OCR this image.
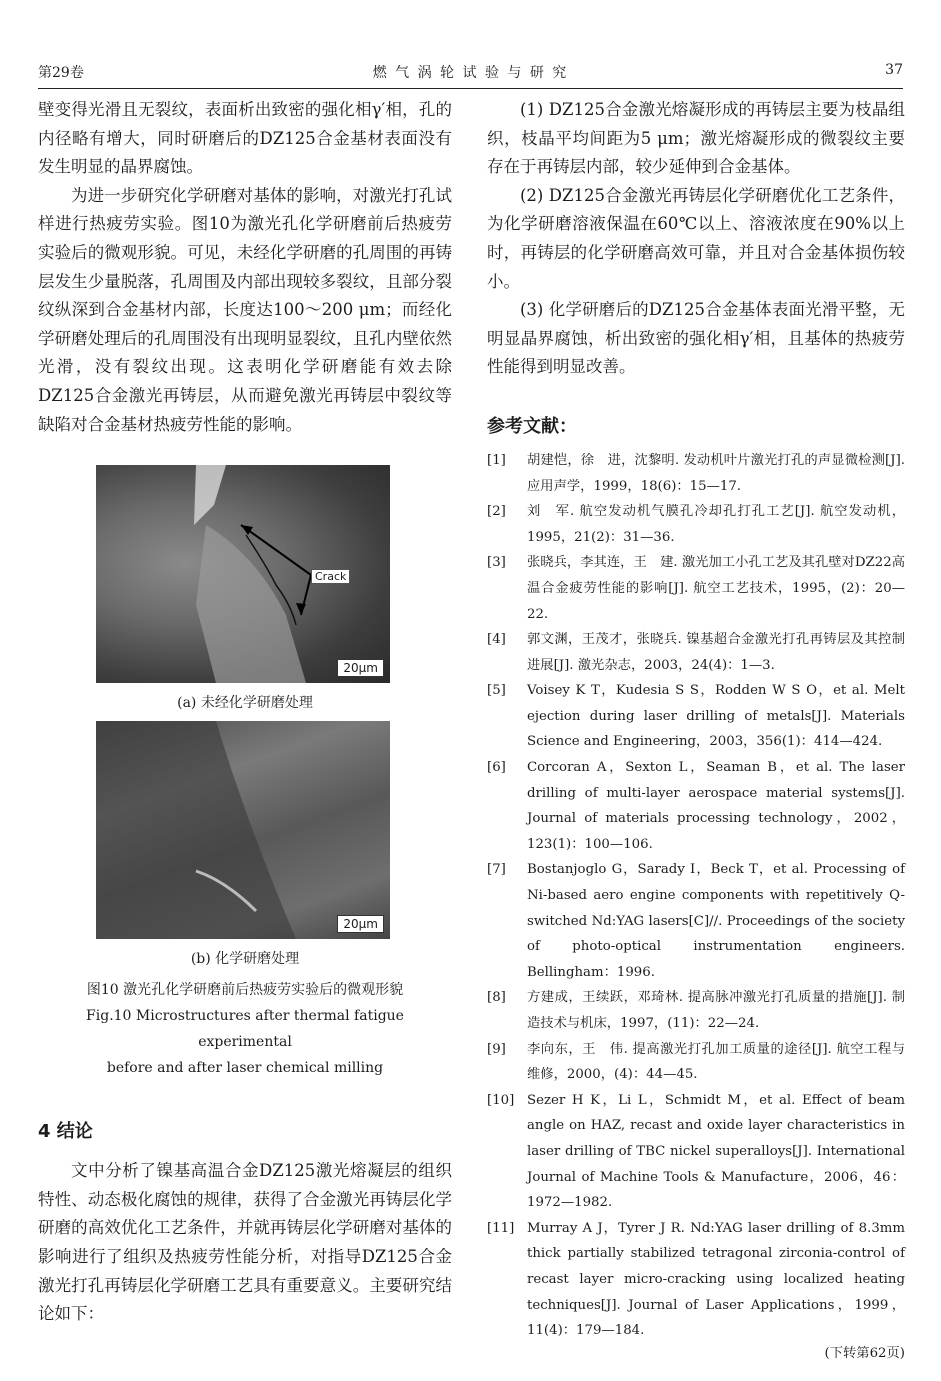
第29卷	燃 气 涡 轮 试 验 与 研 究	37

壁变得光滑且无裂纹，表面析出致密的强化相γ′相，孔的内径略有增大，同时研磨后的DZ125合金基材表面没有发生明显的晶界腐蚀。

为进一步研究化学研磨对基体的影响，对激光打孔试样进行热疲劳实验。图10为激光孔化学研磨前后热疲劳实验后的微观形貌。可见，未经化学研磨的孔周围的再铸层发生少量脱落，孔周围及内部出现较多裂纹，且部分裂纹纵深到合金基材内部，长度达100～200 μm；而经化学研磨处理后的孔周围没有出现明显裂纹，且孔内壁依然光滑，没有裂纹出现。这表明化学研磨能有效去除DZ125合金激光再铸层，从而避免激光再铸层中裂纹等缺陷对合金基材热疲劳性能的影响。

Crack
20μm

(a) 未经化学研磨处理

20μm

(b) 化学研磨处理

图10 激光孔化学研磨前后热疲劳实验后的微观形貌

Fig.10 Microstructures after thermal fatigue experimental

before and after laser chemical milling

4 结论

文中分析了镍基高温合金DZ125激光熔凝层的组织特性、动态极化腐蚀的规律，获得了合金激光再铸层化学研磨的高效优化工艺条件，并就再铸层化学研磨对基体的影响进行了组织及热疲劳性能分析，对指导DZ125合金激光打孔再铸层化学研磨工艺具有重要意义。主要研究结论如下：

(1) DZ125合金激光熔凝形成的再铸层主要为枝晶组织，枝晶平均间距为5 μm；激光熔凝形成的微裂纹主要存在于再铸层内部，较少延伸到合金基体。

(2) DZ125合金激光再铸层化学研磨优化工艺条件，为化学研磨溶液保温在60℃以上、溶液浓度在90%以上时，再铸层的化学研磨高效可靠，并且对合金基体损伤较小。

(3) 化学研磨后的DZ125合金基体表面光滑平整，无明显晶界腐蚀，析出致密的强化相γ′相，且基体的热疲劳性能得到明显改善。

参考文献：

[1] 胡建恺，徐　进，沈黎明. 发动机叶片激光打孔的声显微检测[J]. 应用声学，1999，18(6)：15—17.
[2] 刘　军. 航空发动机气膜孔冷却孔打孔工艺[J]. 航空发动机，1995，21(2)：31—36.
[3] 张晓兵，李其连，王　建. 激光加工小孔工艺及其孔壁对DZ22高温合金疲劳性能的影响[J]. 航空工艺技术，1995，(2)：20—22.
[4] 郭文渊，王茂才，张晓兵. 镍基超合金激光打孔再铸层及其控制进展[J]. 激光杂志，2003，24(4)：1—3.
[5] Voisey K T，Kudesia S S，Rodden W S O，et al. Melt ejection during laser drilling of metals[J]. Materials Science and Engineering，2003，356(1)：414—424.
[6] Corcoran A，Sexton L，Seaman B，et al. The laser drilling of multi-layer aerospace material systems[J]. Journal of materials processing technology，2002，123(1)：100—106.
[7] Bostanjoglo G，Sarady I，Beck T，et al. Processing of Ni-based aero engine components with repetitively Q-switched Nd:YAG lasers[C]//. Proceedings of the society of photo-optical instrumentation engineers. Bellingham：1996.
[8] 方建成，王续跃，邓琦林. 提高脉冲激光打孔质量的措施[J]. 制造技术与机床，1997，(11)：22—24.
[9] 李向东，王　伟. 提高激光打孔加工质量的途径[J]. 航空工程与维修，2000，(4)：44—45.
[10] Sezer H K，Li L，Schmidt M，et al. Effect of beam angle on HAZ, recast and oxide layer characteristics in laser drilling of TBC nickel superalloys[J]. International Journal of Machine Tools & Manufacture，2006，46：1972—1982.
[11] Murray A J，Tyrer J R. Nd:YAG laser drilling of 8.3mm thick partially stabilized tetragonal zirconia-control of recast layer micro-cracking using localized heating techniques[J]. Journal of Laser Applications，1999，11(4)：179—184.
(下转第62页)
